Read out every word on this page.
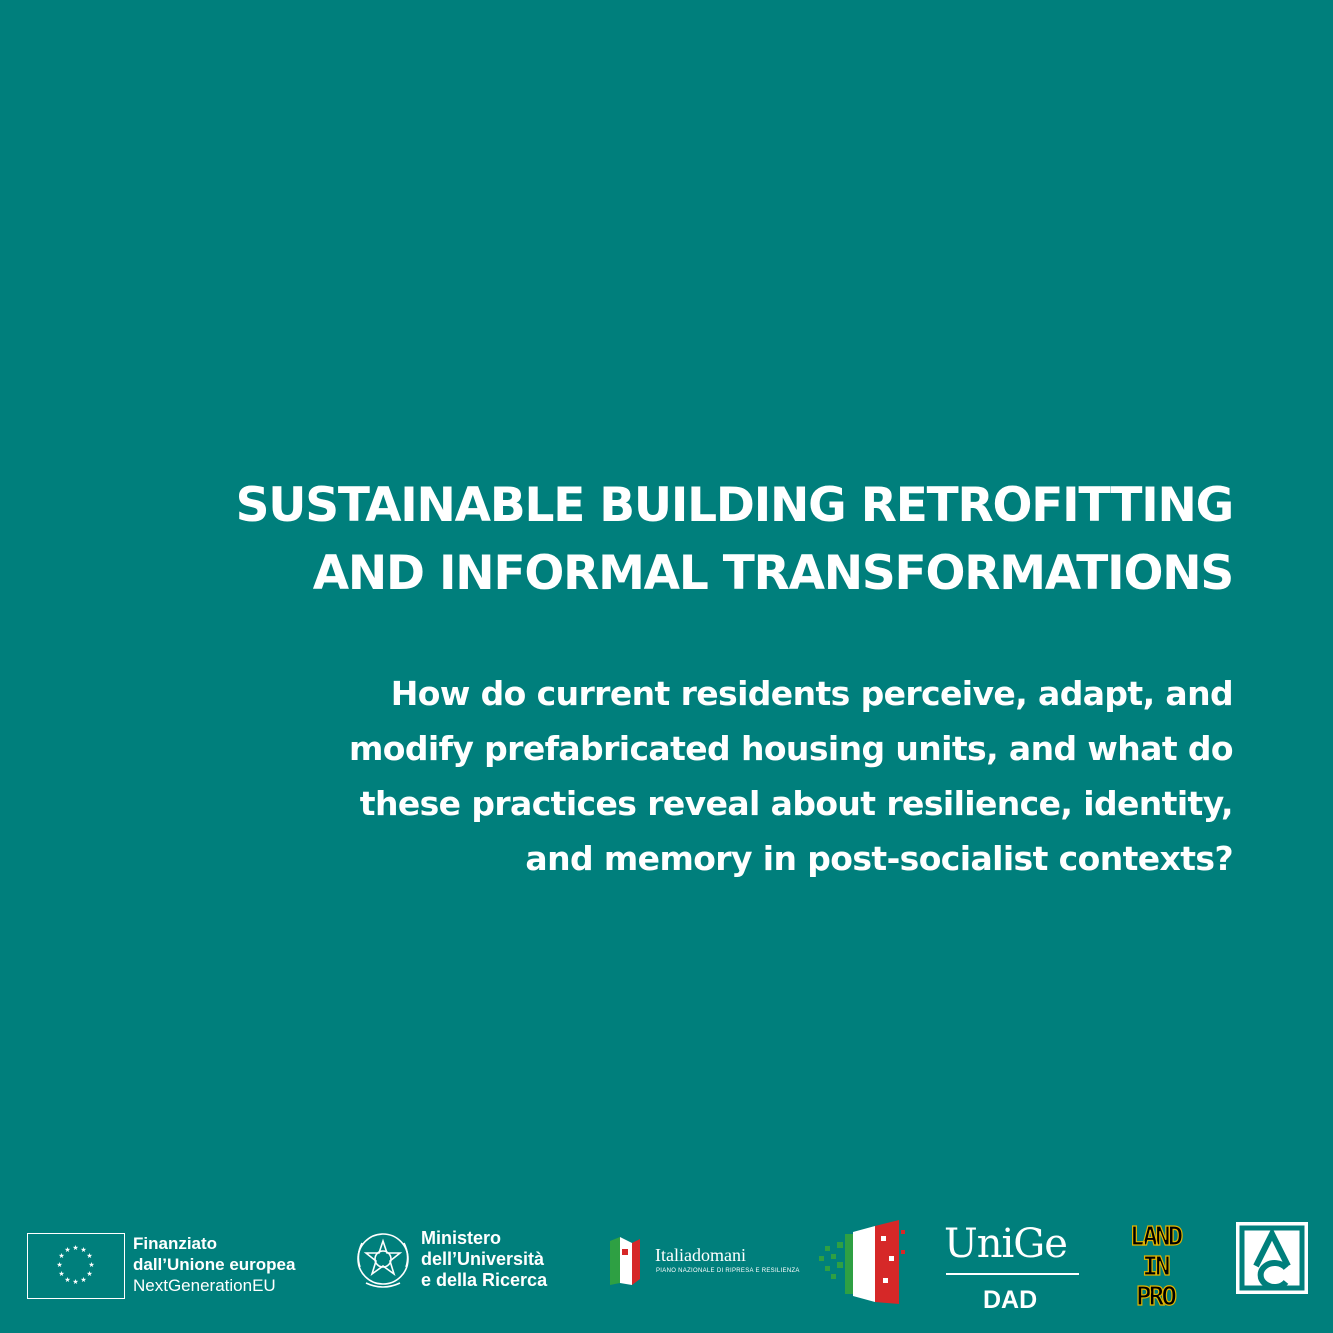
SUSTAINABLE BUILDING RETROFITTING
AND INFORMAL TRANSFORMATIONS
How do current residents perceive, adapt, and
modify prefabricated housing units, and what do
these practices reveal about resilience, identity,
and memory in post-socialist contexts?
★ ★
★
★
★
★
★
★
★
★
★
★	Finanziato
dall’Unione europea
NextGenerationEU
Ministero
dell’Università
e della Ricerca
Italiadomani
PIANO NAZIONALE DI RIPRESA E RESILIENZA
UniGe
DAD
LAND
IN
PRO
